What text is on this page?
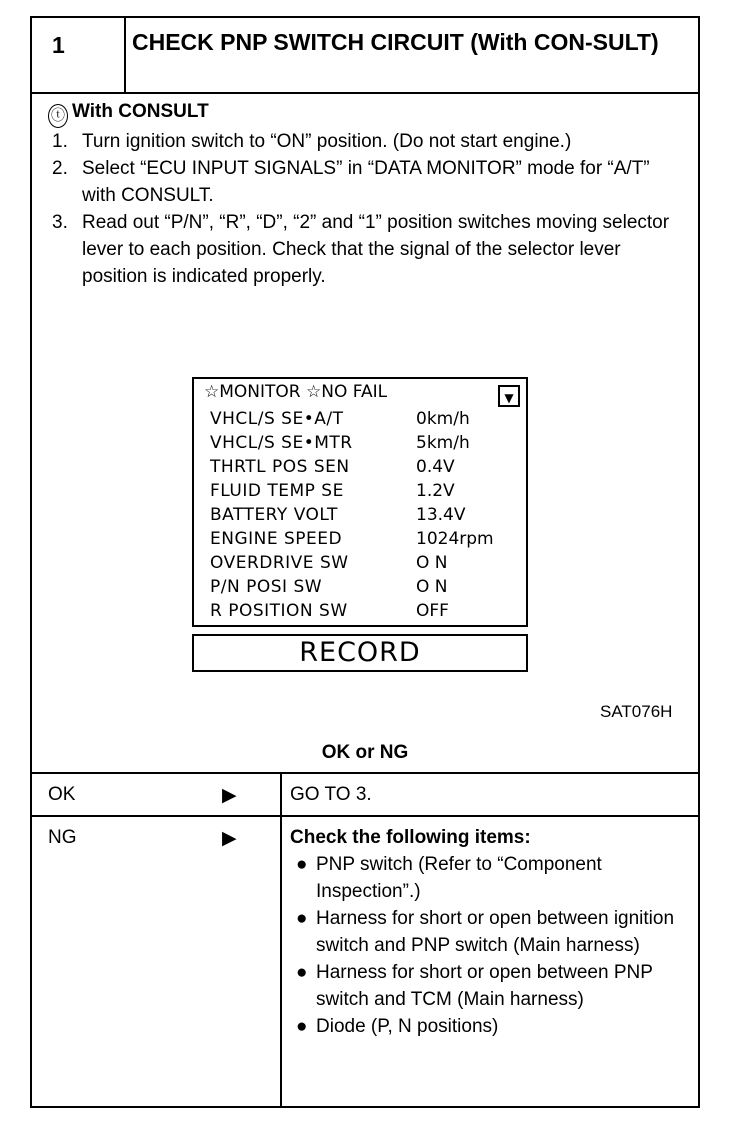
1	CHECK PNP SWITCH CIRCUIT (With CON-SULT)
ⓣ With CONSULT
1. Turn ignition switch to “ON” position. (Do not start engine.)
2. Select “ECU INPUT SIGNALS” in “DATA MONITOR” mode for “A/T” with CONSULT.
3. Read out “P/N”, “R”, “D”, “2” and “1” position switches moving selector lever to each position. Check that the signal of the selector lever position is indicated properly.
☆MONITOR ☆NO FAIL	▼
VHCL/S SE•A/T	0km/h
VHCL/S SE•MTR	5km/h
THRTL POS SEN	0.4V
FLUID TEMP SE	1.2V
BATTERY VOLT	13.4V
ENGINE SPEED	1024rpm
OVERDRIVE SW	O N
P/N POSI SW	O N
R POSITION SW	OFF
RECORD
SAT076H
OK or NG
OK	▶	GO TO 3.
NG	▶	Check the following items:
● PNP switch (Refer to “Component Inspection”.)
● Harness for short or open between ignition switch and PNP switch (Main harness)
● Harness for short or open between PNP switch and TCM (Main harness)
● Diode (P, N positions)
